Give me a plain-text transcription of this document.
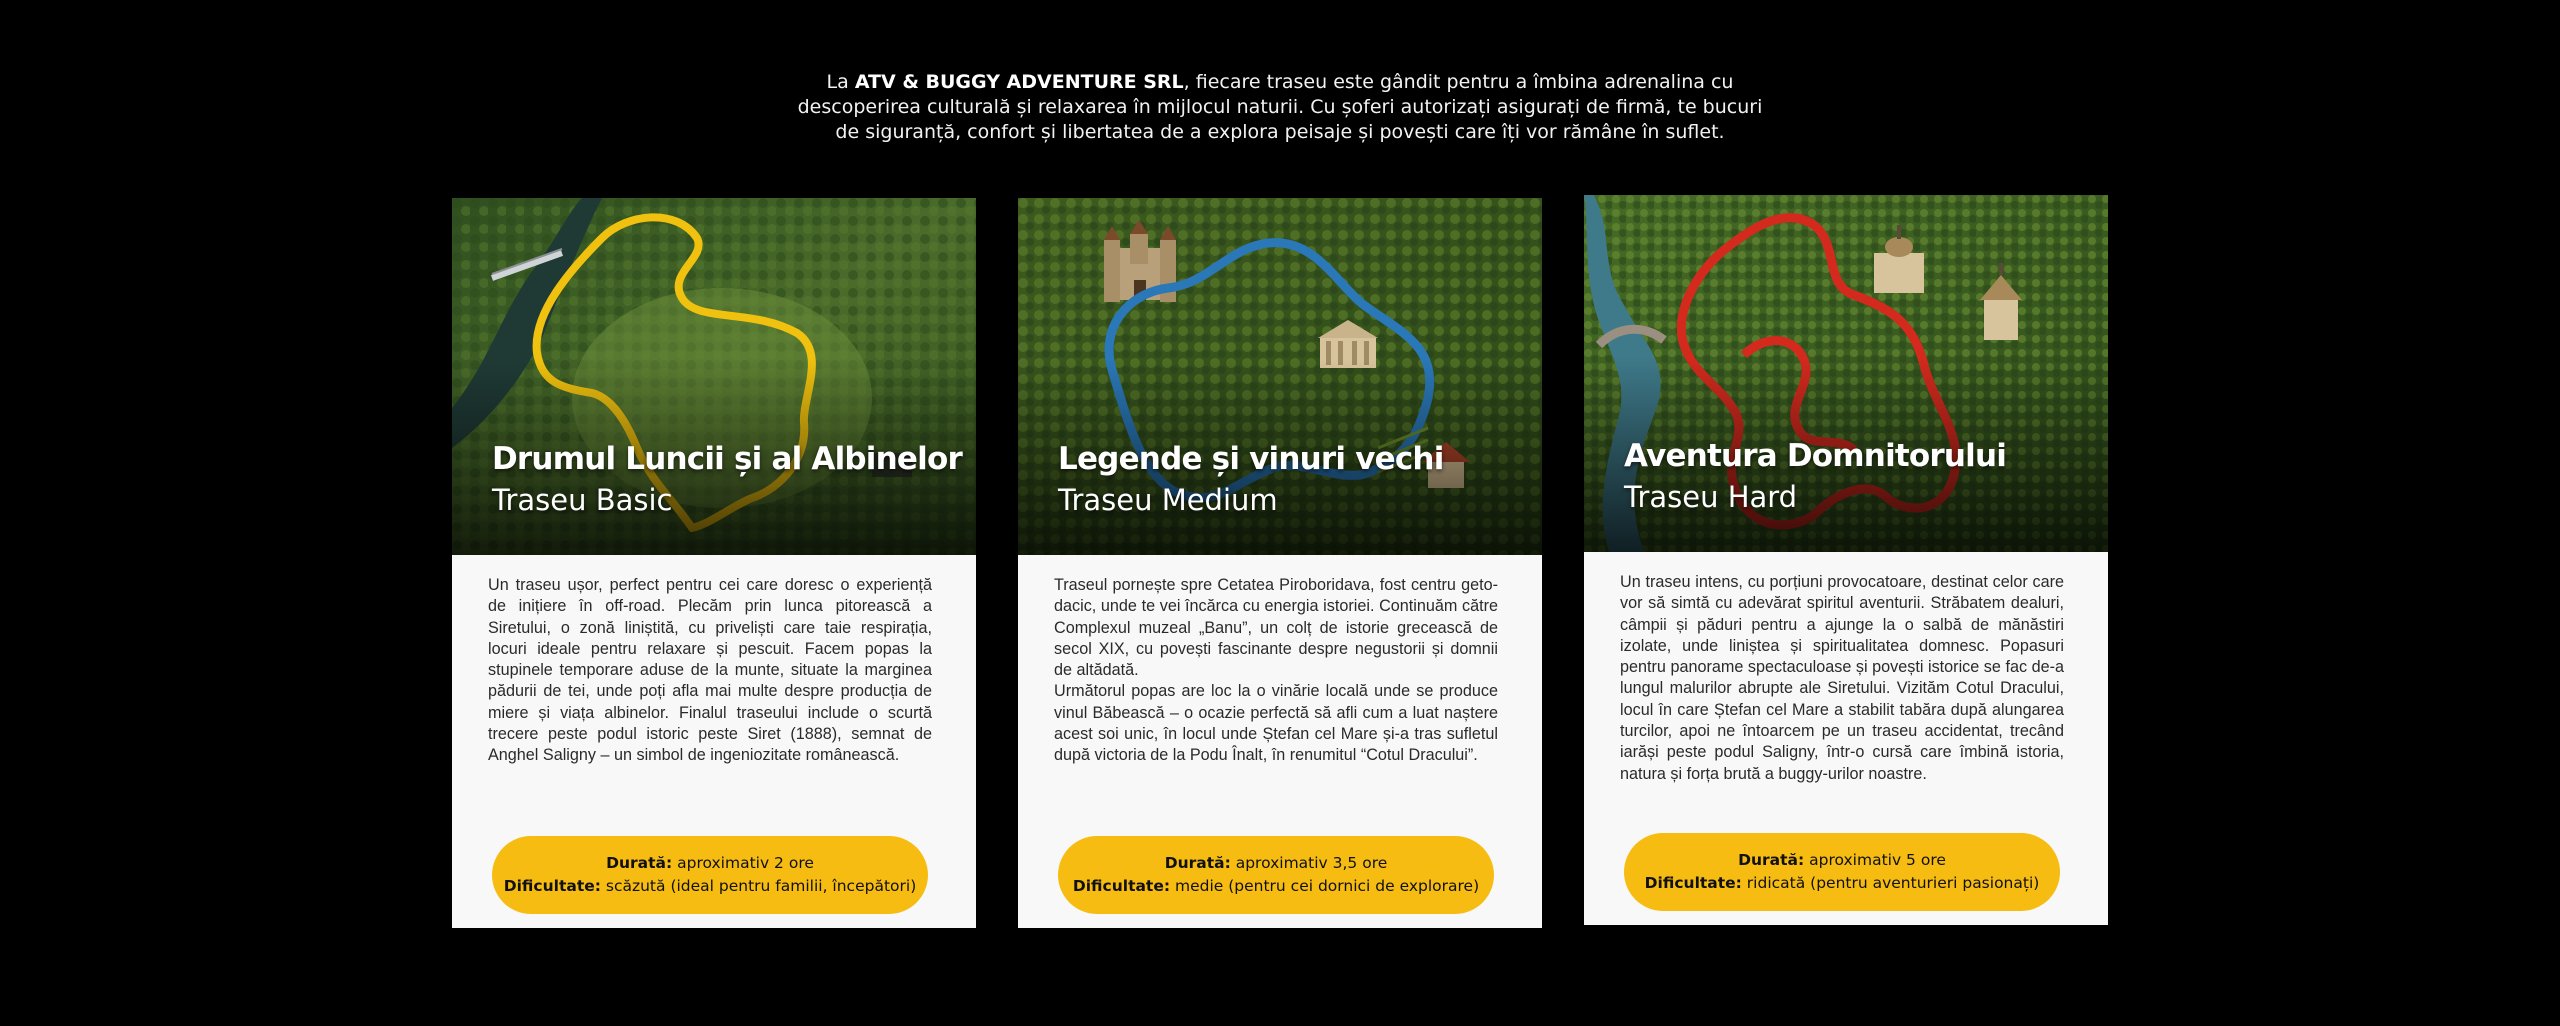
La ATV & BUGGY ADVENTURE SRL, fiecare traseu este gândit pentru a îmbina adrenalina cu
descoperirea culturală și relaxarea în mijlocul naturii. Cu șoferi autorizați asigurați de firmă, te bucuri
de siguranță, confort și libertatea de a explora peisaje și povești care îți vor rămâne în suflet.
Drumul Luncii și al Albinelor
Traseu Basic

Un traseu ușor, perfect pentru cei care doresc o experiență de inițiere în off-road. Plecăm prin lunca pitorească a Siretului, o zonă liniștită, cu priveliști care taie respirația, locuri ideale pentru relaxare și pescuit. Facem popas la stupinele temporare aduse de la munte, situate la marginea pădurii de tei, unde poți afla mai multe despre producția de miere și viața albinelor. Finalul traseului include o scurtă trecere peste podul istoric peste Siret (1888), semnat de Anghel Saligny – un simbol de ingeniozitate românească.

Durată: aproximativ 2 ore
Dificultate: scăzută (ideal pentru familii, începători)
Legende și vinuri vechi
Traseu Medium

Traseul pornește spre Cetatea Piroboridava, fost centru geto-dacic, unde te vei încărca cu energia istoriei. Continuăm către Complexul muzeal „Banu”, un colț de istorie grecească de secol XIX, cu povești fascinante despre negustorii și domnii de altădată.

Următorul popas are loc la o vinărie locală unde se produce vinul Băbească – o ocazie perfectă să afli cum a luat naștere acest soi unic, în locul unde Ștefan cel Mare și-a tras sufletul după victoria de la Podu Înalt, în renumitul “Cotul Dracului”.

Durată: aproximativ 3,5 ore
Dificultate: medie (pentru cei dornici de explorare)
Aventura Domnitorului
Traseu Hard

Un traseu intens, cu porțiuni provocatoare, destinat celor care vor să simtă cu adevărat spiritul aventurii. Străbatem dealuri, câmpii și păduri pentru a ajunge la o salbă de mănăstiri izolate, unde liniștea și spiritualitatea domnesc. Popasuri pentru panorame spectaculoase și povești istorice se fac de-a lungul malurilor abrupte ale Siretului. Vizităm Cotul Dracului, locul în care Ștefan cel Mare a stabilit tabăra după alungarea turcilor, apoi ne întoarcem pe un traseu accidentat, trecând iarăși peste podul Saligny, într-o cursă care îmbină istoria, natura și forța brută a buggy-urilor noastre.

Durată: aproximativ 5 ore
Dificultate: ridicată (pentru aventurieri pasionați)
